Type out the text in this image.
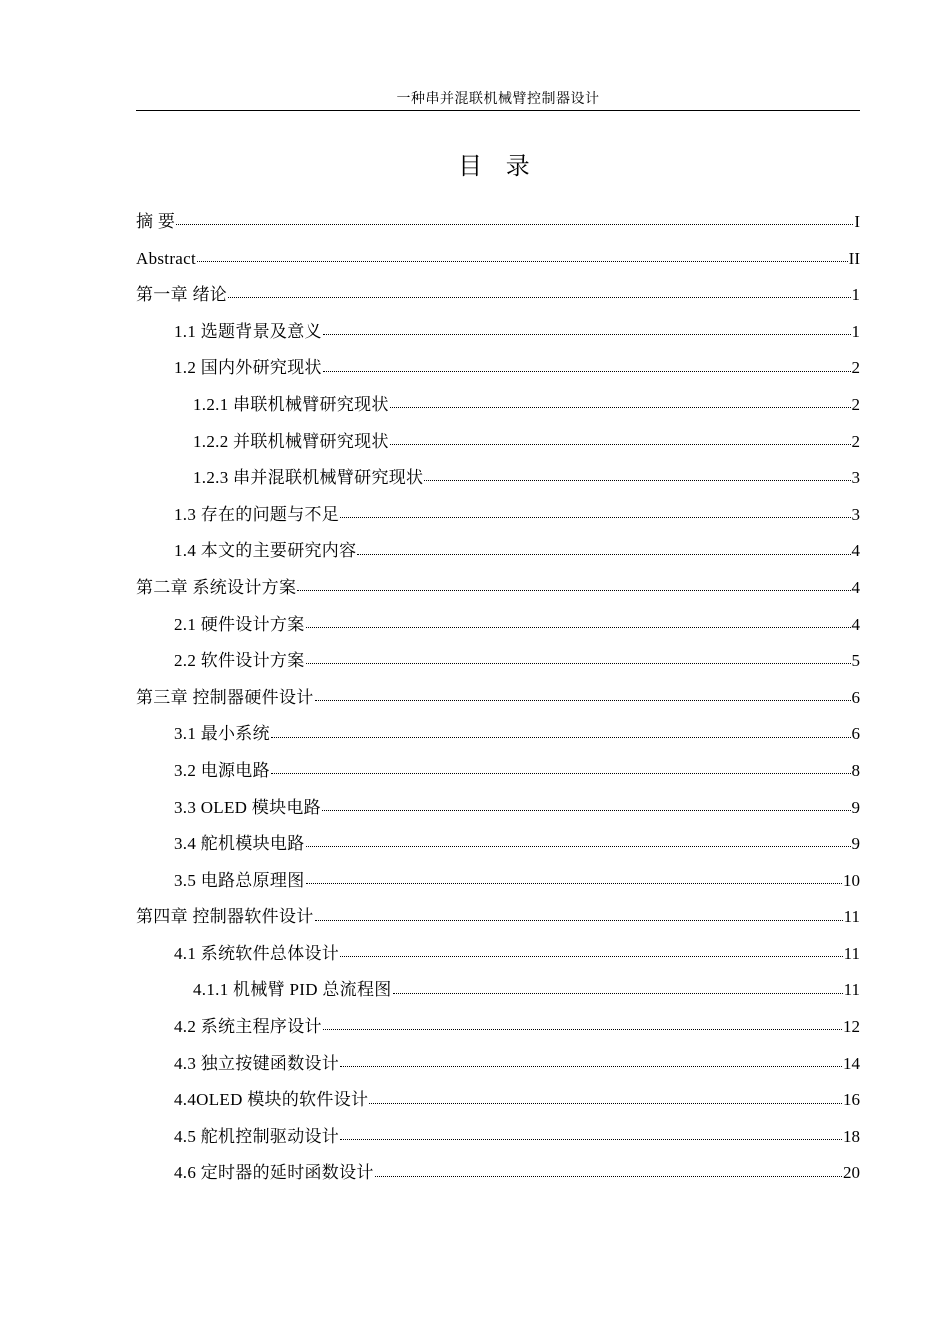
一种串并混联机械臂控制器设计
目 录
摘 要	I
Abstract	II
第一章 绪论	1
1.1 选题背景及意义	1
1.2 国内外研究现状	2
1.2.1 串联机械臂研究现状	2
1.2.2 并联机械臂研究现状	2
1.2.3 串并混联机械臂研究现状	3
1.3 存在的问题与不足	3
1.4 本文的主要研究内容	4
第二章 系统设计方案	4
2.1 硬件设计方案	4
2.2 软件设计方案	5
第三章 控制器硬件设计	6
3.1 最小系统	6
3.2 电源电路	8
3.3 OLED 模块电路	9
3.4 舵机模块电路	9
3.5 电路总原理图	10
第四章 控制器软件设计	11
4.1 系统软件总体设计	11
4.1.1 机械臂 PID 总流程图	11
4.2 系统主程序设计	12
4.3 独立按键函数设计	14
4.4OLED 模块的软件设计	16
4.5 舵机控制驱动设计	18
4.6 定时器的延时函数设计	20
